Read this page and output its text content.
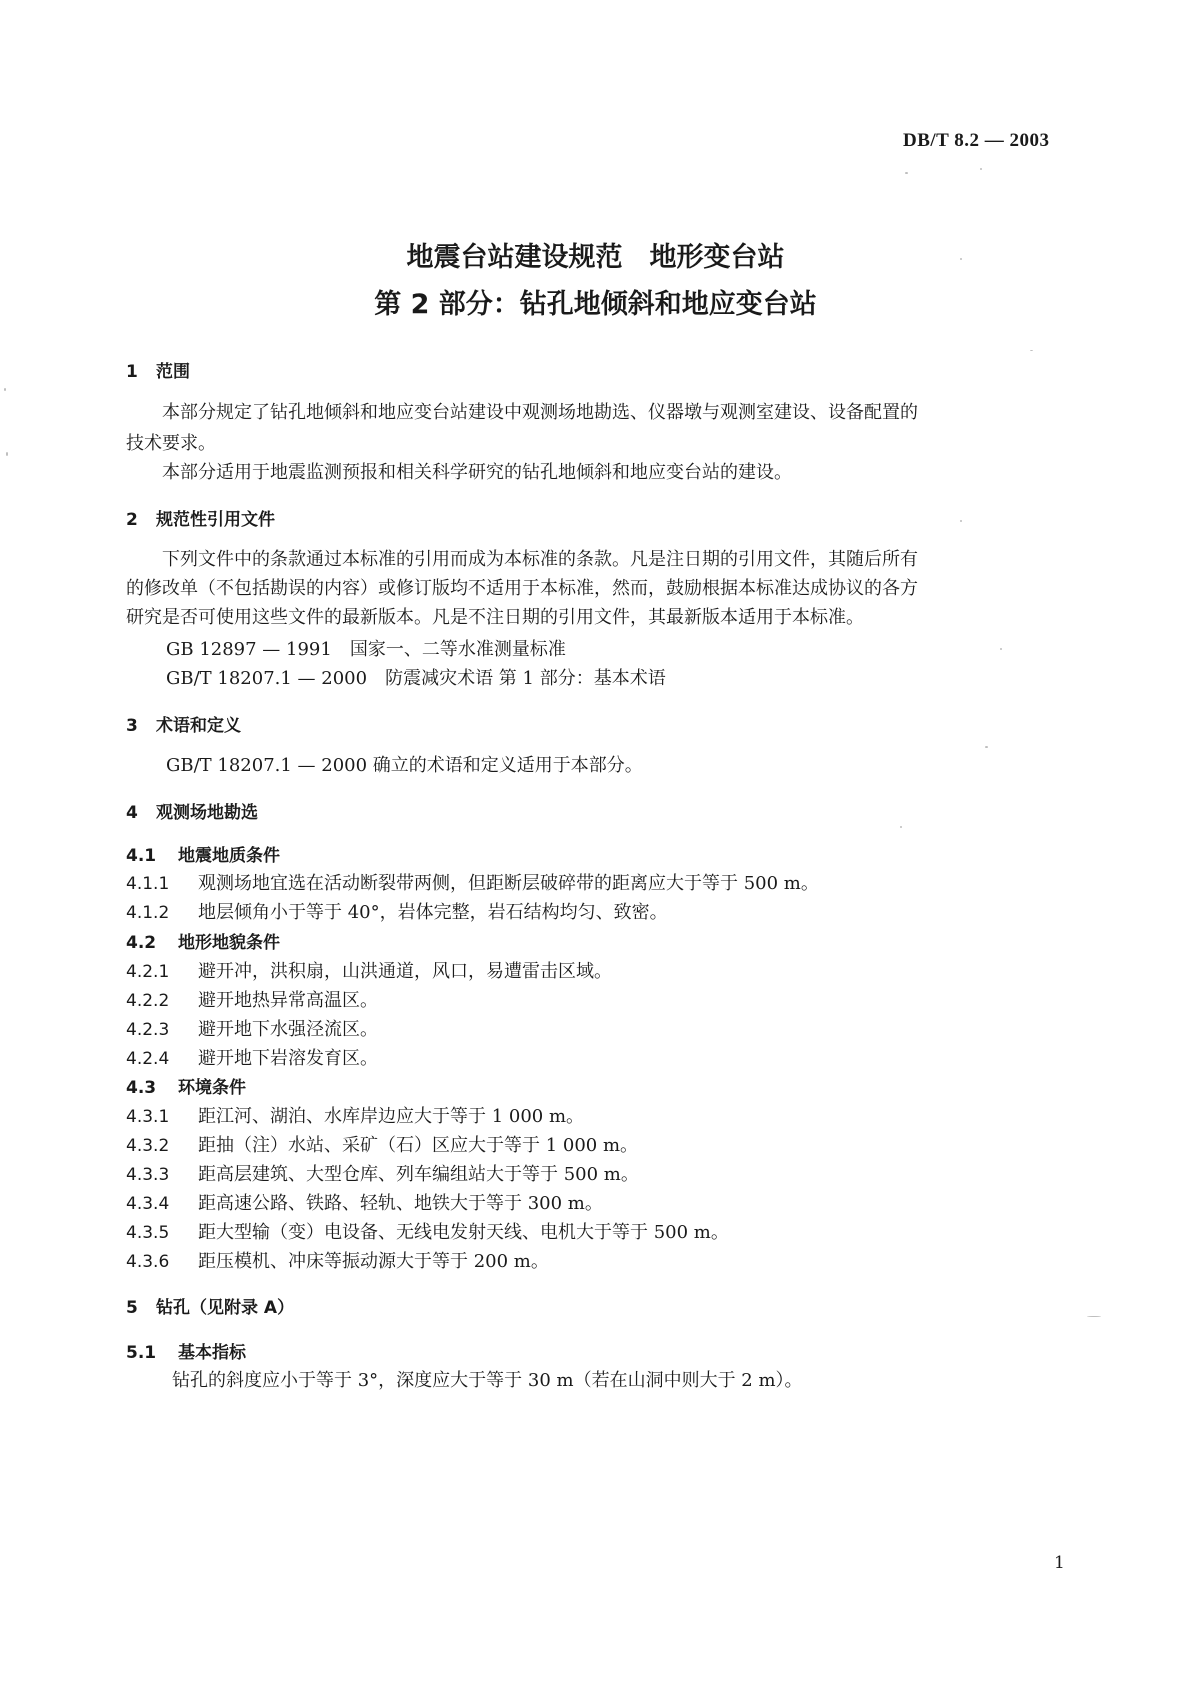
DB/T 8.2 — 2003
地震台站建设规范　地形变台站
第 2 部分：钻孔地倾斜和地应变台站
1 范围
本部分规定了钻孔地倾斜和地应变台站建设中观测场地勘选、仪器墩与观测室建设、设备配置的
技术要求。
本部分适用于地震监测预报和相关科学研究的钻孔地倾斜和地应变台站的建设。
2 规范性引用文件
下列文件中的条款通过本标准的引用而成为本标准的条款。凡是注日期的引用文件，其随后所有
的修改单（不包括勘误的内容）或修订版均不适用于本标准，然而，鼓励根据本标准达成协议的各方
研究是否可使用这些文件的最新版本。凡是不注日期的引用文件，其最新版本适用于本标准。
GB 12897 — 1991　国家一、二等水准测量标准
GB/T 18207.1 — 2000　防震减灾术语 第 1 部分：基本术语
3 术语和定义
GB/T 18207.1 — 2000 确立的术语和定义适用于本部分。
4 观测场地勘选
4.1 地震地质条件
4.1.1 观测场地宜选在活动断裂带两侧，但距断层破碎带的距离应大于等于 500 m。
4.1.2 地层倾角小于等于 40°，岩体完整，岩石结构均匀、致密。
4.2 地形地貌条件
4.2.1 避开冲，洪积扇，山洪通道，风口，易遭雷击区域。
4.2.2 避开地热异常高温区。
4.2.3 避开地下水强泾流区。
4.2.4 避开地下岩溶发育区。
4.3 环境条件
4.3.1 距江河、湖泊、水库岸边应大于等于 1 000 m。
4.3.2 距抽（注）水站、采矿（石）区应大于等于 1 000 m。
4.3.3 距高层建筑、大型仓库、列车编组站大于等于 500 m。
4.3.4 距高速公路、铁路、轻轨、地铁大于等于 300 m。
4.3.5 距大型输（变）电设备、无线电发射天线、电机大于等于 500 m。
4.3.6 距压模机、冲床等振动源大于等于 200 m。
5 钻孔（见附录 A）
5.1 基本指标
钻孔的斜度应小于等于 3°，深度应大于等于 30 m（若在山洞中则大于 2 m）。
1
